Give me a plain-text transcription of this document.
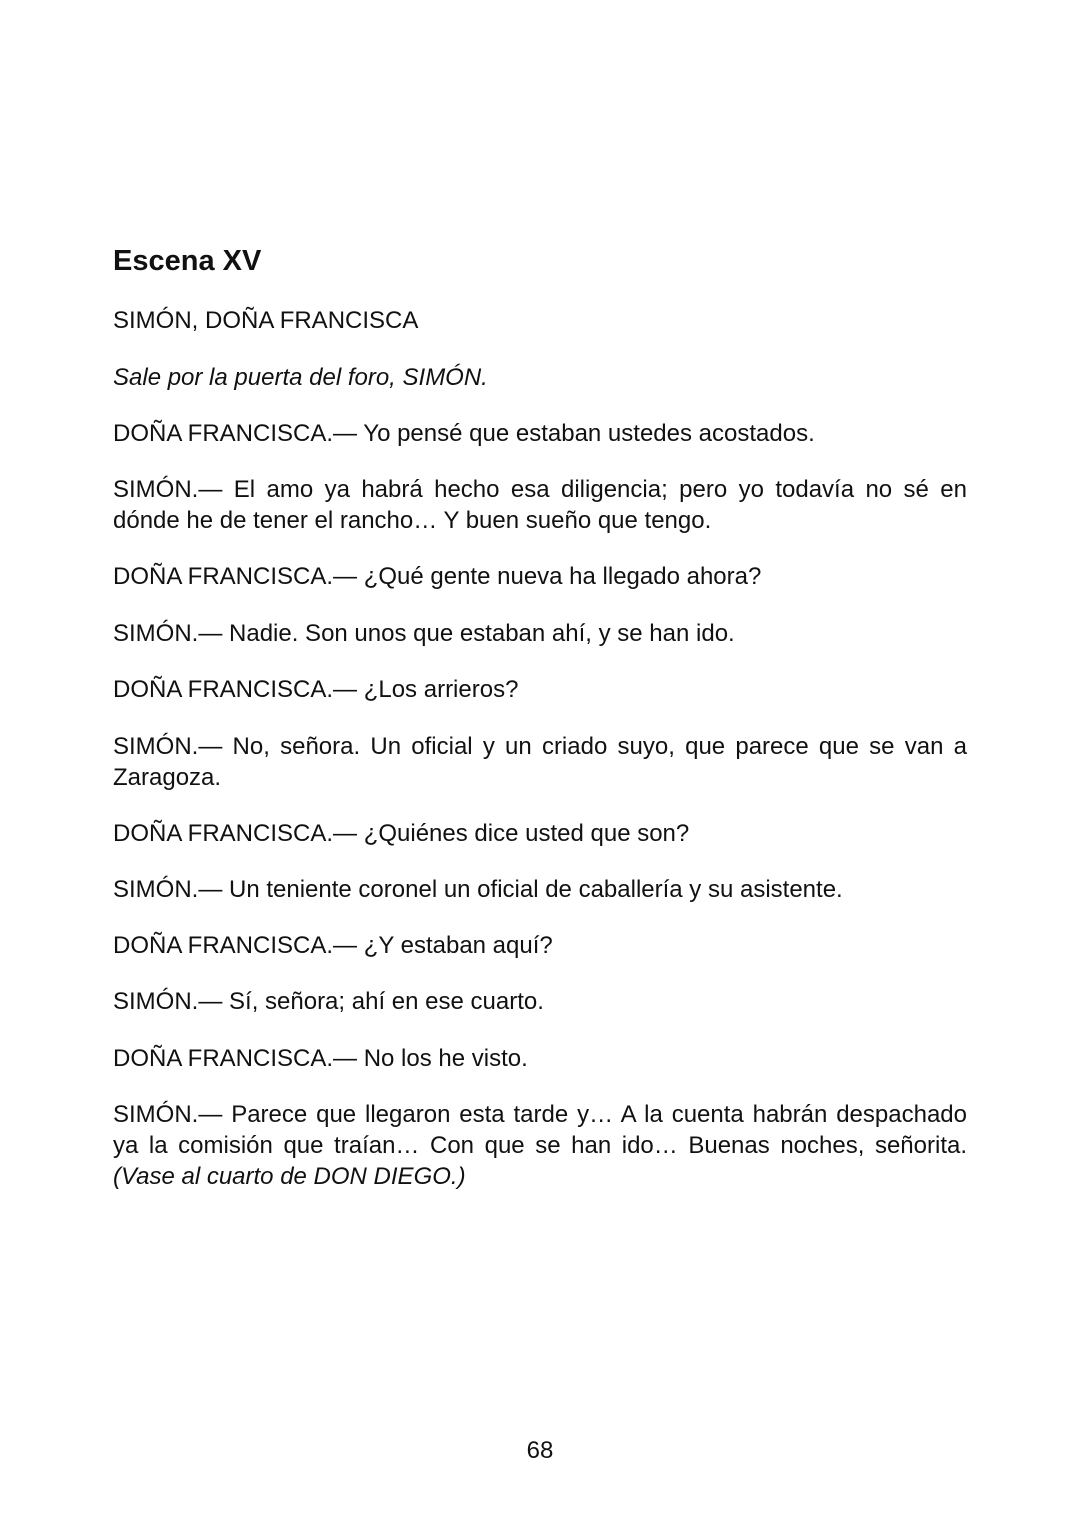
Escena XV

SIMÓN, DOÑA FRANCISCA

Sale por la puerta del foro, SIMÓN.

DOÑA FRANCISCA.— Yo pensé que estaban ustedes acostados.

SIMÓN.— El amo ya habrá hecho esa diligencia; pero yo todavía no sé en dónde he de tener el rancho… Y buen sueño que tengo.

DOÑA FRANCISCA.— ¿Qué gente nueva ha llegado ahora?

SIMÓN.— Nadie. Son unos que estaban ahí, y se han ido.

DOÑA FRANCISCA.— ¿Los arrieros?

SIMÓN.— No, señora. Un oficial y un criado suyo, que parece que se van a Zaragoza.

DOÑA FRANCISCA.— ¿Quiénes dice usted que son?

SIMÓN.— Un teniente coronel un oficial de caballería y su asistente.

DOÑA FRANCISCA.— ¿Y estaban aquí?

SIMÓN.— Sí, señora; ahí en ese cuarto.

DOÑA FRANCISCA.— No los he visto.

SIMÓN.— Parece que llegaron esta tarde y… A la cuenta habrán despachado ya la comisión que traían… Con que se han ido… Buenas noches, señorita. (Vase al cuarto de DON DIEGO.)

68
